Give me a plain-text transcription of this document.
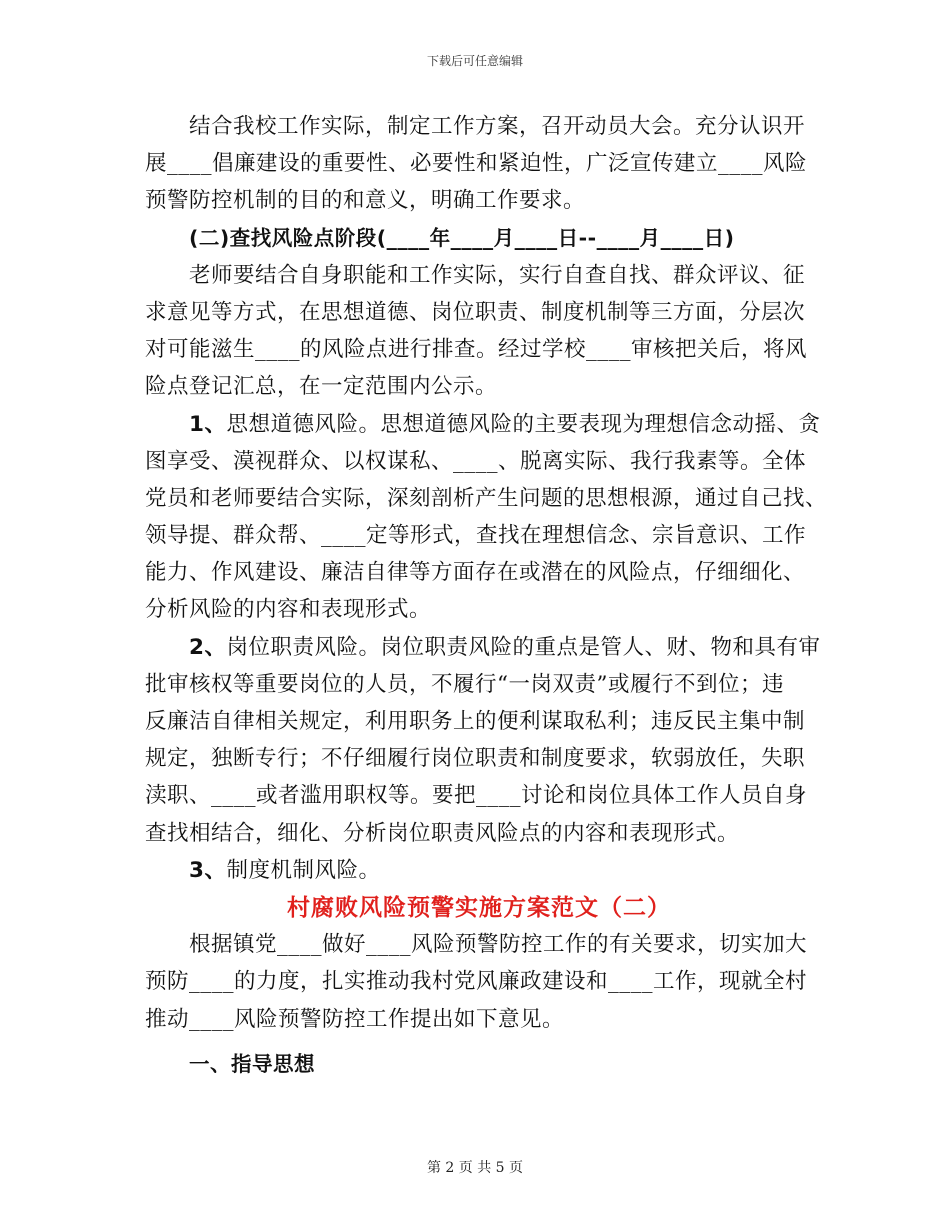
下载后可任意编辑
结合我校工作实际，制定工作方案，召开动员大会。充分认识开
展____倡廉建设的重要性、必要性和紧迫性，广泛宣传建立____风险
预警防控机制的目的和意义，明确工作要求。
(二)查找风险点阶段(____年____月____日--____月____日)
老师要结合自身职能和工作实际，实行自查自找、群众评议、征
求意见等方式，在思想道德、岗位职责、制度机制等三方面，分层次
对可能滋生____的风险点进行排查。经过学校____审核把关后，将风
险点登记汇总，在一定范围内公示。
1、思想道德风险。思想道德风险的主要表现为理想信念动摇、贪
图享受、漠视群众、以权谋私、____、脱离实际、我行我素等。全体
党员和老师要结合实际，深刻剖析产生问题的思想根源，通过自己找、
领导提、群众帮、____定等形式，查找在理想信念、宗旨意识、工作
能力、作风建设、廉洁自律等方面存在或潜在的风险点，仔细细化、
分析风险的内容和表现形式。
2、岗位职责风险。岗位职责风险的重点是管人、财、物和具有审
批审核权等重要岗位的人员，不履行“一岗双责”或履行不到位；违
反廉洁自律相关规定，利用职务上的便利谋取私利；违反民主集中制
规定，独断专行；不仔细履行岗位职责和制度要求，软弱放任，失职
渎职、____或者滥用职权等。要把____讨论和岗位具体工作人员自身
查找相结合，细化、分析岗位职责风险点的内容和表现形式。
3、制度机制风险。
村腐败风险预警实施方案范文（二）
根据镇党____做好____风险预警防控工作的有关要求，切实加大
预防____的力度，扎实推动我村党风廉政建设和____工作，现就全村
推动____风险预警防控工作提出如下意见。
一、指导思想
第 2 页 共 5 页
